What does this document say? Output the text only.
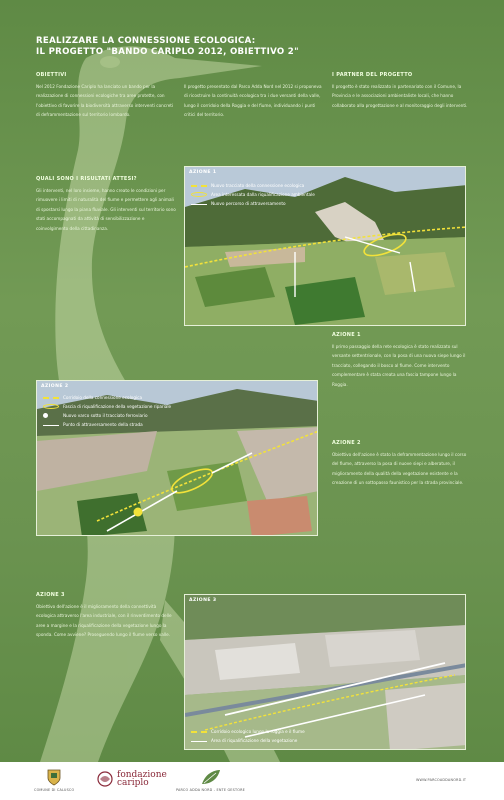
REALIZZARE LA CONNESSIONE ECOLOGICA:
IL PROGETTO "BANDO CARIPLO 2012, OBIETTIVO 2"
OBIETTIVI
Nel 2012 Fondazione Cariplo ha lanciato un bando per la realizzazione di connessioni ecologiche tra aree protette, con l'obiettivo di favorire la biodiversità attraverso interventi concreti di deframmentazione sul territorio lombardo.
Il progetto presentato dal Parco Adda Nord nel 2012 si proponeva di ricostruire la continuità ecologica tra i due versanti della valle, lungo il corridoio della Roggia e del fiume, individuando i punti critici del territorio.
I PARTNER DEL PROGETTO
Il progetto è stato realizzato in partenariato con il Comune, la Provincia e le associazioni ambientaliste locali, che hanno collaborato alla progettazione e al monitoraggio degli interventi.
QUALI SONO I RISULTATI ATTESI?
Gli interventi, nel loro insieme, hanno creato le condizioni per rimuovere i limiti di naturalità del fiume e permettere agli animali di spostarsi lungo la piana fluviale. Gli interventi sul territorio sono stati accompagnati da attività di sensibilizzazione e coinvolgimento della cittadinanza.
AZIONE 1
Nuovo tracciato della connessione ecologica
Area interessata dalla riqualificazione ambientale
Nuovo percorso di attraversamento
AZIONE 1
Il primo passaggio della rete ecologica è stato realizzato sul versante settentrionale, con la posa di una nuova siepe lungo il tracciato, collegando il bosco al fiume. Come intervento complementare è stata creata una fascia tampone lungo la Roggia.
AZIONE 2
Corridoio della connessione ecologica
Fascia di riqualificazione della vegetazione ripariale
Nuovo varco sotto il tracciato ferroviario
Punto di attraversamento della strada
AZIONE 2
Obiettivo dell'azione è stato la deframmentazione lungo il corso del fiume, attraverso la posa di nuove siepi e alberature, il miglioramento della qualità della vegetazione esistente e la creazione di un sottopasso faunistico per la strada provinciale.
AZIONE 3
Obiettivo dell'azione è il miglioramento della connettività ecologica attraverso l'area industriale, con il rinverdimento delle aree a margine e la riqualificazione della vegetazione lungo la sponda. Come avviene? Proseguendo lungo il fiume verso valle.
AZIONE 3
Corridoio ecologico lungo la roggia e il fiume
Area di riqualificazione della vegetazione
COMUNE DI CALUSCO
fondazione
cariplo
PARCO ADDA NORD - ENTE GESTORE
WWW.PARCOADDANORD.IT
